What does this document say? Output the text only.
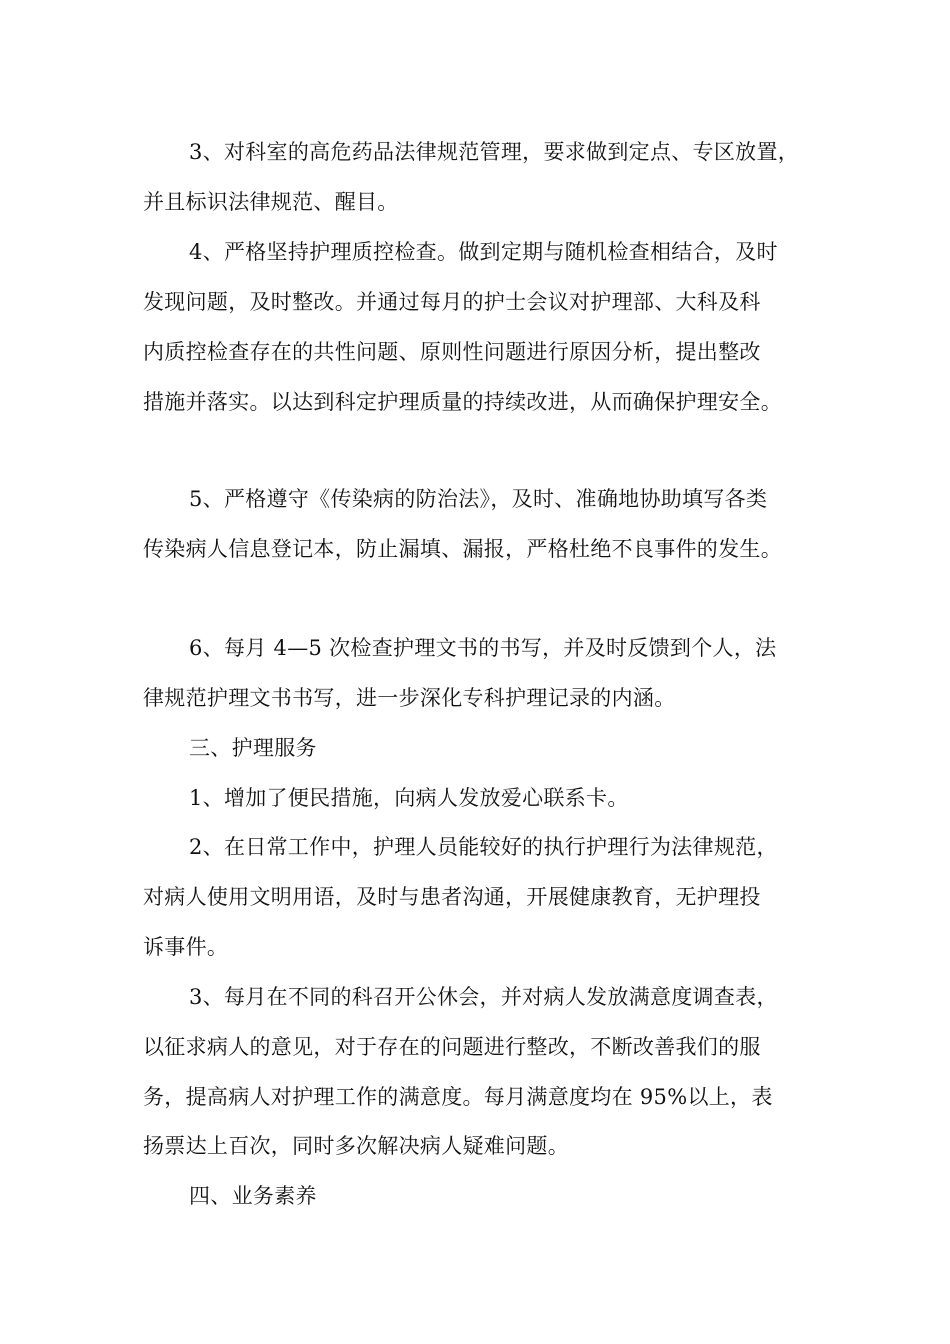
3、对科室的高危药品法律规范管理，要求做到定点、专区放置，
并且标识法律规范、醒目。
4、严格坚持护理质控检查。做到定期与随机检查相结合，及时
发现问题，及时整改。并通过每月的护士会议对护理部、大科及科
内质控检查存在的共性问题、原则性问题进行原因分析，提出整改
措施并落实。以达到科定护理质量的持续改进，从而确保护理安全。
5、严格遵守《传染病的防治法》，及时、准确地协助填写各类
传染病人信息登记本，防止漏填、漏报，严格杜绝不良事件的发生。
6、每月 4—5 次检查护理文书的书写，并及时反馈到个人，法
律规范护理文书书写，进一步深化专科护理记录的内涵。
三、护理服务
1、增加了便民措施，向病人发放爱心联系卡。
2、在日常工作中，护理人员能较好的执行护理行为法律规范，
对病人使用文明用语，及时与患者沟通，开展健康教育，无护理投
诉事件。
3、每月在不同的科召开公休会，并对病人发放满意度调查表，
以征求病人的意见，对于存在的问题进行整改，不断改善我们的服
务，提高病人对护理工作的满意度。每月满意度均在 95%以上，表
扬票达上百次，同时多次解决病人疑难问题。
四、业务素养
